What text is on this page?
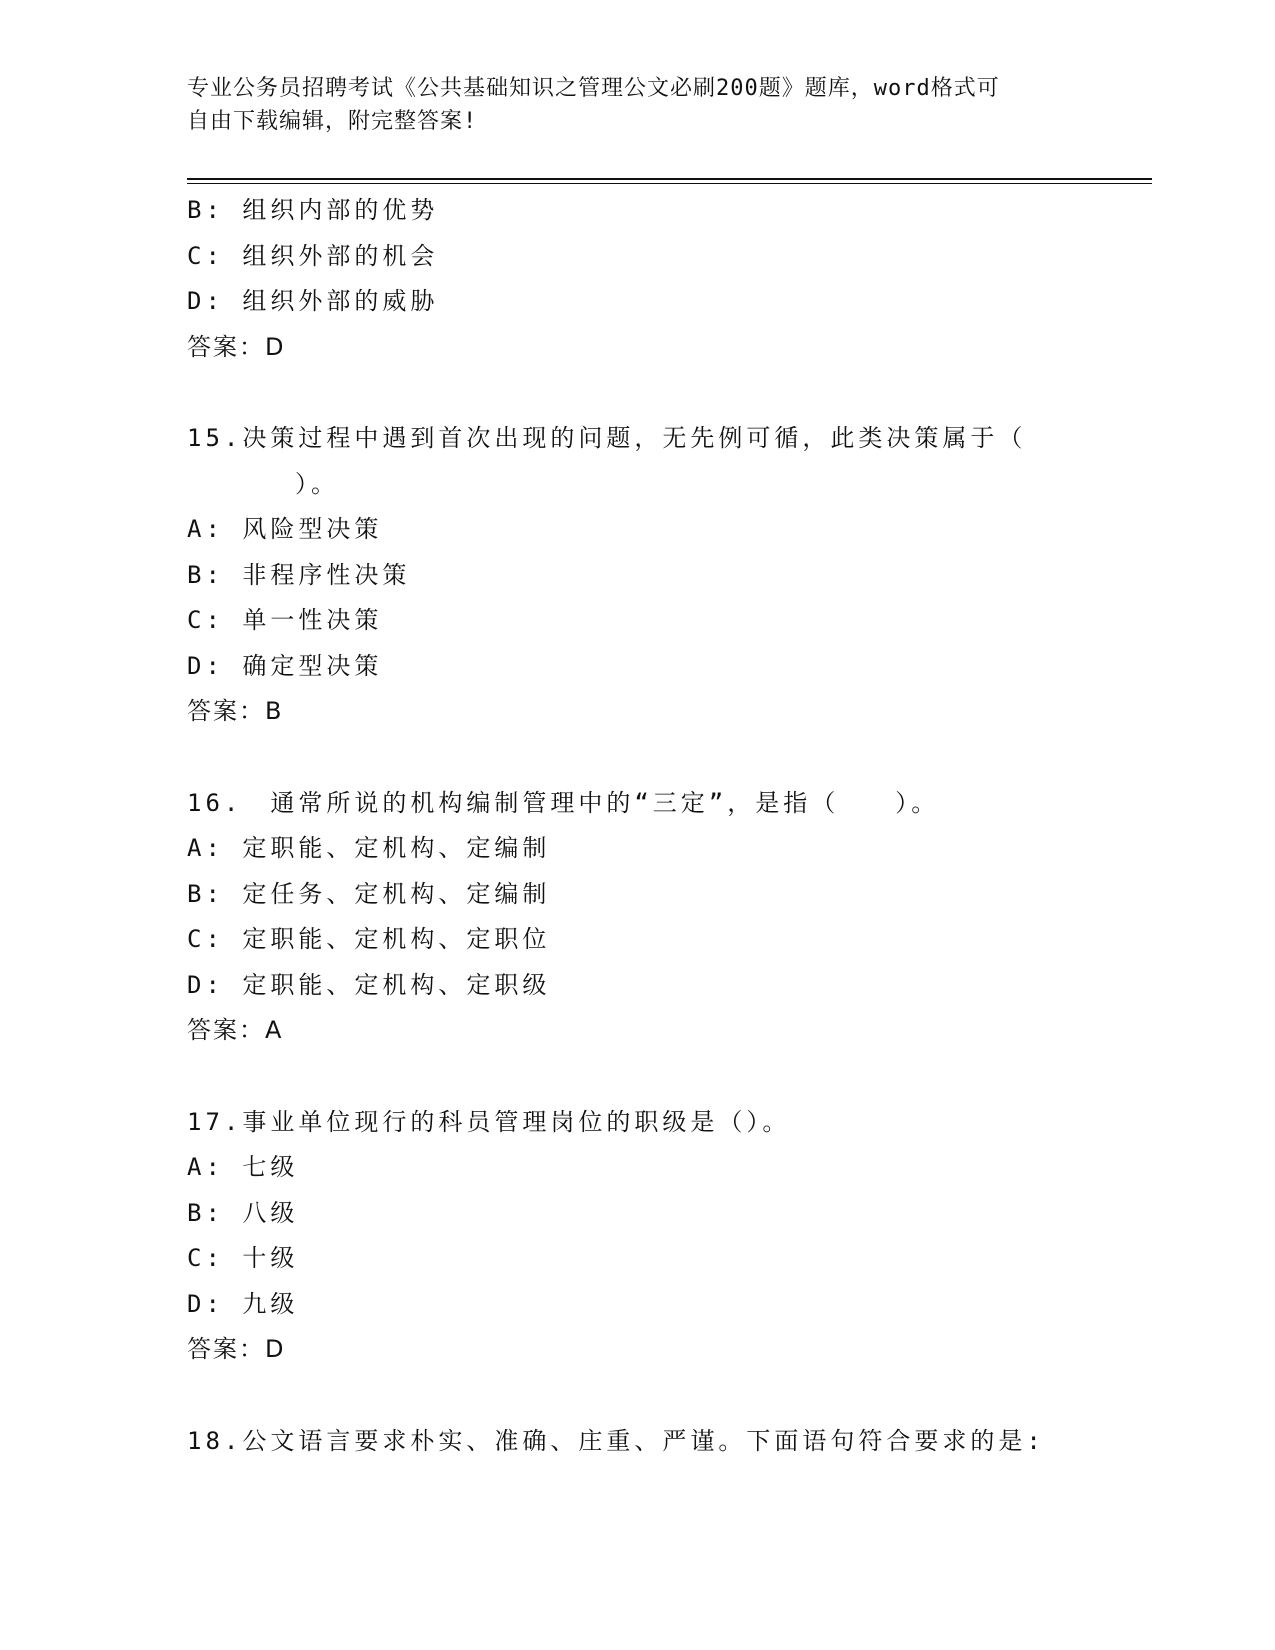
专业公务员招聘考试《公共基础知识之管理公文必刷200题》题库，word格式可
自由下载编辑，附完整答案!
B: 组织内部的优势
C: 组织外部的机会
D: 组织外部的威胁
答案：D
15.决策过程中遇到首次出现的问题，无先例可循，此类决策属于（
）。
A: 风险型决策
B: 非程序性决策
C: 单一性决策
D: 确定型决策
答案：B
16.　通常所说的机构编制管理中的“三定”，是指（　　）。
A: 定职能、定机构、定编制
B: 定任务、定机构、定编制
C: 定职能、定机构、定职位
D: 定职能、定机构、定职级
答案：A
17.事业单位现行的科员管理岗位的职级是（）。
A: 七级
B: 八级
C: 十级
D: 九级
答案：D
18.公文语言要求朴实、准确、庄重、严谨。下面语句符合要求的是:
